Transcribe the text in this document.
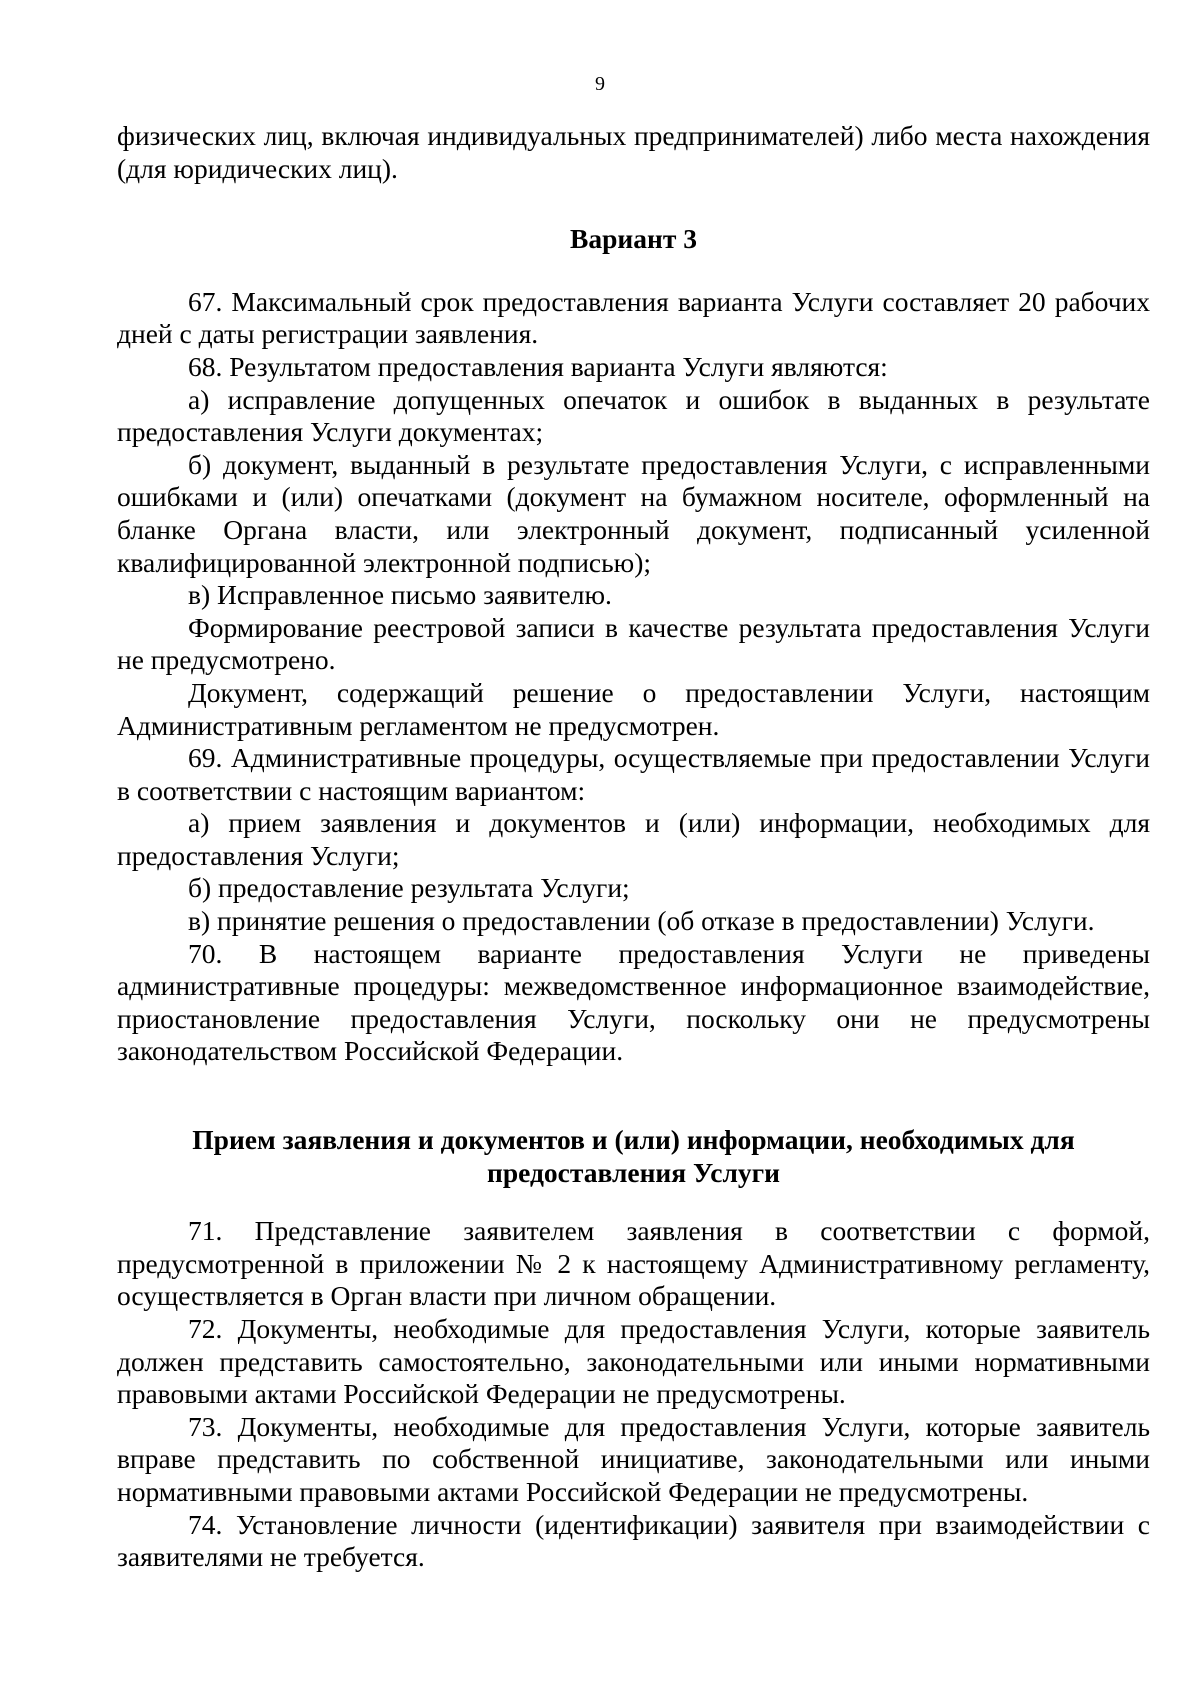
9

физических лиц, включая индивидуальных предпринимателей) либо места нахождения (для юридических лиц).

Вариант 3

67. Максимальный срок предоставления варианта Услуги составляет 20 рабочих дней с даты регистрации заявления.

68. Результатом предоставления варианта Услуги являются:

а) исправление допущенных опечаток и ошибок в выданных в результате предоставления Услуги документах;

б) документ, выданный в результате предоставления Услуги, с исправленными ошибками и (или) опечатками (документ на бумажном носителе, оформленный на бланке Органа власти, или электронный документ, подписанный усиленной квалифицированной электронной подписью);

в) Исправленное письмо заявителю.

Формирование реестровой записи в качестве результата предоставления Услуги не предусмотрено.

Документ, содержащий решение о предоставлении Услуги, настоящим Административным регламентом не предусмотрен.

69. Административные процедуры, осуществляемые при предоставлении Услуги в соответствии с настоящим вариантом:

а) прием заявления и документов и (или) информации, необходимых для предоставления Услуги;

б) предоставление результата Услуги;

в) принятие решения о предоставлении (об отказе в предоставлении) Услуги.

70. В настоящем варианте предоставления Услуги не приведены административные процедуры: межведомственное информационное взаимодействие, приостановление предоставления Услуги, поскольку они не предусмотрены законодательством Российской Федерации.

Прием заявления и документов и (или) информации, необходимых для предоставления Услуги

71. Представление заявителем заявления в соответствии с формой, предусмотренной в приложении № 2 к настоящему Административному регламенту, осуществляется в Орган власти при личном обращении.

72. Документы, необходимые для предоставления Услуги, которые заявитель должен представить самостоятельно, законодательными или иными нормативными правовыми актами Российской Федерации не предусмотрены.

73. Документы, необходимые для предоставления Услуги, которые заявитель вправе представить по собственной инициативе, законодательными или иными нормативными правовыми актами Российской Федерации не предусмотрены.

74. Установление личности (идентификации) заявителя при взаимодействии с заявителями не требуется.
